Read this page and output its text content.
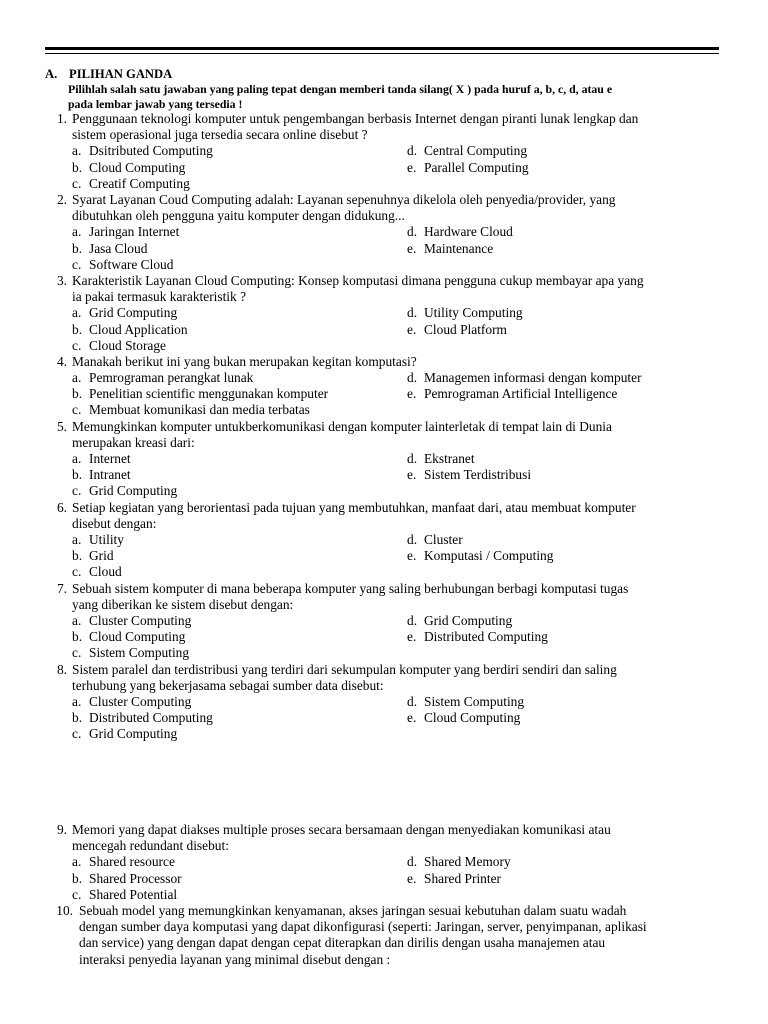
A. PILIHAN GANDA
Pilihlah salah satu jawaban yang paling tepat dengan memberi tanda silang( X ) pada huruf a, b, c, d, atau e
pada lembar jawab yang tersedia !
1. Penggunaan teknologi komputer untuk pengembangan berbasis Internet dengan piranti lunak lengkap dan
sistem operasional juga tersedia secara online disebut ?
a. Dsitributed Computing	d. Central Computing
b. Cloud Computing	e. Parallel Computing
c. Creatif Computing
2. Syarat Layanan Coud Computing adalah: Layanan sepenuhnya dikelola oleh penyedia/provider, yang
dibutuhkan oleh pengguna yaitu komputer dengan didukung...
a. Jaringan Internet	d. Hardware Cloud
b. Jasa Cloud	e. Maintenance
c. Software Cloud
3. Karakteristik Layanan Cloud Computing: Konsep komputasi dimana pengguna cukup membayar apa yang
ia pakai termasuk karakteristik ?
a. Grid Computing	d. Utility Computing
b. Cloud Application	e. Cloud Platform
c. Cloud Storage
4. Manakah berikut ini yang bukan merupakan kegitan komputasi?
a. Pemrograman perangkat lunak	d. Managemen informasi dengan komputer
b. Penelitian scientific menggunakan komputer	e. Pemrograman Artificial Intelligence
c. Membuat komunikasi dan media terbatas
5. Memungkinkan komputer untukberkomunikasi dengan komputer lainterletak di tempat lain di Dunia
merupakan kreasi dari:
a. Internet	d. Ekstranet
b. Intranet	e. Sistem Terdistribusi
c. Grid Computing
6. Setiap kegiatan yang berorientasi pada tujuan yang membutuhkan, manfaat dari, atau membuat komputer
disebut dengan:
a. Utility	d. Cluster
b. Grid	e. Komputasi / Computing
c. Cloud
7. Sebuah sistem komputer di mana beberapa komputer yang saling berhubungan berbagi komputasi tugas
yang diberikan ke sistem disebut dengan:
a. Cluster Computing	d. Grid Computing
b. Cloud Computing	e. Distributed Computing
c. Sistem Computing
8. Sistem paralel dan terdistribusi yang terdiri dari sekumpulan komputer yang berdiri sendiri dan saling
terhubung yang bekerjasama sebagai sumber data disebut:
a. Cluster Computing	d. Sistem Computing
b. Distributed Computing	e. Cloud Computing
c. Grid Computing
9. Memori yang dapat diakses multiple proses secara bersamaan dengan menyediakan komunikasi atau
mencegah redundant disebut:
a. Shared resource	d. Shared Memory
b. Shared Processor	e. Shared Printer
c. Shared Potential
10. Sebuah model yang memungkinkan kenyamanan, akses jaringan sesuai kebutuhan dalam suatu wadah
dengan sumber daya komputasi yang dapat dikonfigurasi (seperti: Jaringan, server, penyimpanan, aplikasi
dan service) yang dengan dapat dengan cepat diterapkan dan dirilis dengan usaha manajemen atau
interaksi penyedia layanan yang minimal disebut dengan :
